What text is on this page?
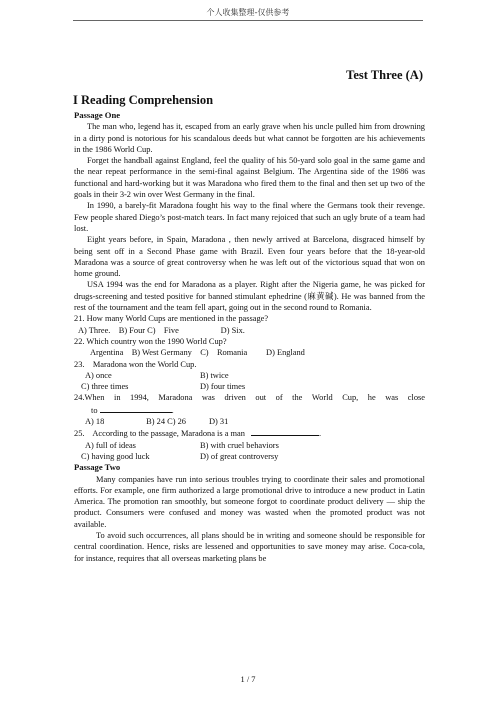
个人收集整理-仅供参考
Test Three (A)
I Reading Comprehension

Passage One

The man who, legend has it, escaped from an early grave when his uncle pulled him from drowning in a dirty pond is notorious for his scandalous deeds but what cannot be forgotten are his achievements in the 1986 World Cup.

Forget the handball against England, feel the quality of his 50-yard solo goal in the same game and the near repeat performance in the semi-final against Belgium. The Argentina side of the 1986 was functional and hard-working but it was Maradona who fired them to the final and then set up two of the goals in their 3-2 win over West Germany in the final.

In 1990, a barely-fit Maradona fought his way to the final where the Germans took their revenge. Few people shared Diego’s post-match tears. In fact many rejoiced that such an ugly brute of a team had lost.

Eight years before, in Spain, Maradona , then newly arrived at Barcelona, disgraced himself by being sent off in a Second Phase game with Brazil. Even four years before that the 18-year-old Maradona was a source of great controversy when he was left out of the victorious squad that won on home ground.

USA 1994 was the end for Maradona as a player. Right after the Nigeria game, he was picked for drugs-screening and tested positive for banned stimulant ephedrine (麻黄碱). He was banned from the rest of the tournament and the team fell apart, going out in the second round to Romania.

21. How many World Cups are mentioned in the passage?

A) Three.    B) Four C)    Five                    D) Six.

22. Which country won the 1990 World Cup?

Argentina    B) West Germany    C)    Romania         D) England

23.    Maradona won the World Cup.

A) once	B) twice
C) three times	D) four times
24.When in 1994, Maradona was driven out of the World Cup, he was close

to	.

A) 18                    B) 24 C) 26           D) 31

25.    According to the passage, Maradona is a man	.

A) full of ideas	B) with cruel behaviors
C) having good luck	D) of great controversy

Passage Two

Many companies have run into serious troubles trying to coordinate their sales and promotional efforts. For example, one firm authorized a large promotional drive to introduce a new product in Latin America. The promotion ran smoothly, but someone forgot to coordinate product delivery — ship the product. Consumers were confused and money was wasted when the promoted product was not available.

To avoid such occurrences, all plans should be in writing and someone should be responsible for central coordination. Hence, risks are lessened and opportunities to save money may arise. Coca-cola, for instance, requires that all overseas marketing plans be

1 / 7
